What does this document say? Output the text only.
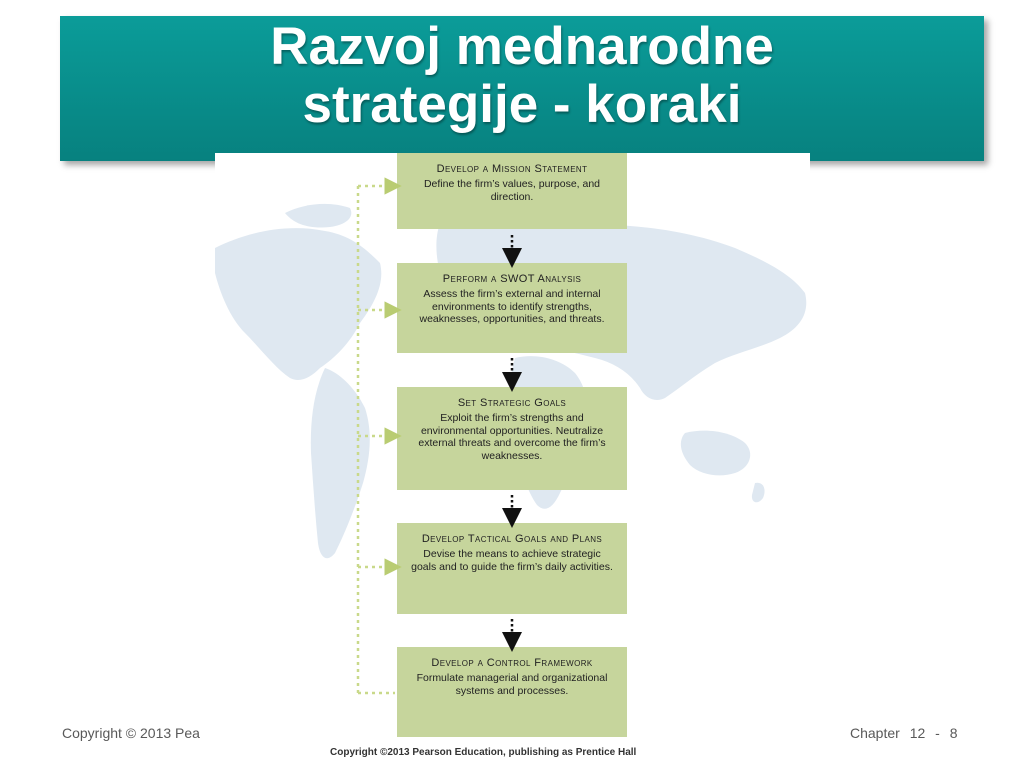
Razvoj mednarodne
strategije - koraki
Develop a Mission Statement
Define the firm’s values, purpose, and direction.
Perform a SWOT Analysis
Assess the firm’s external and internal environments to identify strengths, weaknesses, opportunities, and threats.
Set Strategic Goals
Exploit the firm’s strengths and environmental opportunities. Neutralize external threats and overcome the firm’s weaknesses.
Develop Tactical Goals and Plans
Devise the means to achieve strategic goals and to guide the firm’s daily activities.
Develop a Control Framework
Formulate managerial and organizational systems and processes.
Copyright © 2013 Pea	Chapter 12 - 8
Copyright ©2013 Pearson Education, publishing as Prentice Hall
